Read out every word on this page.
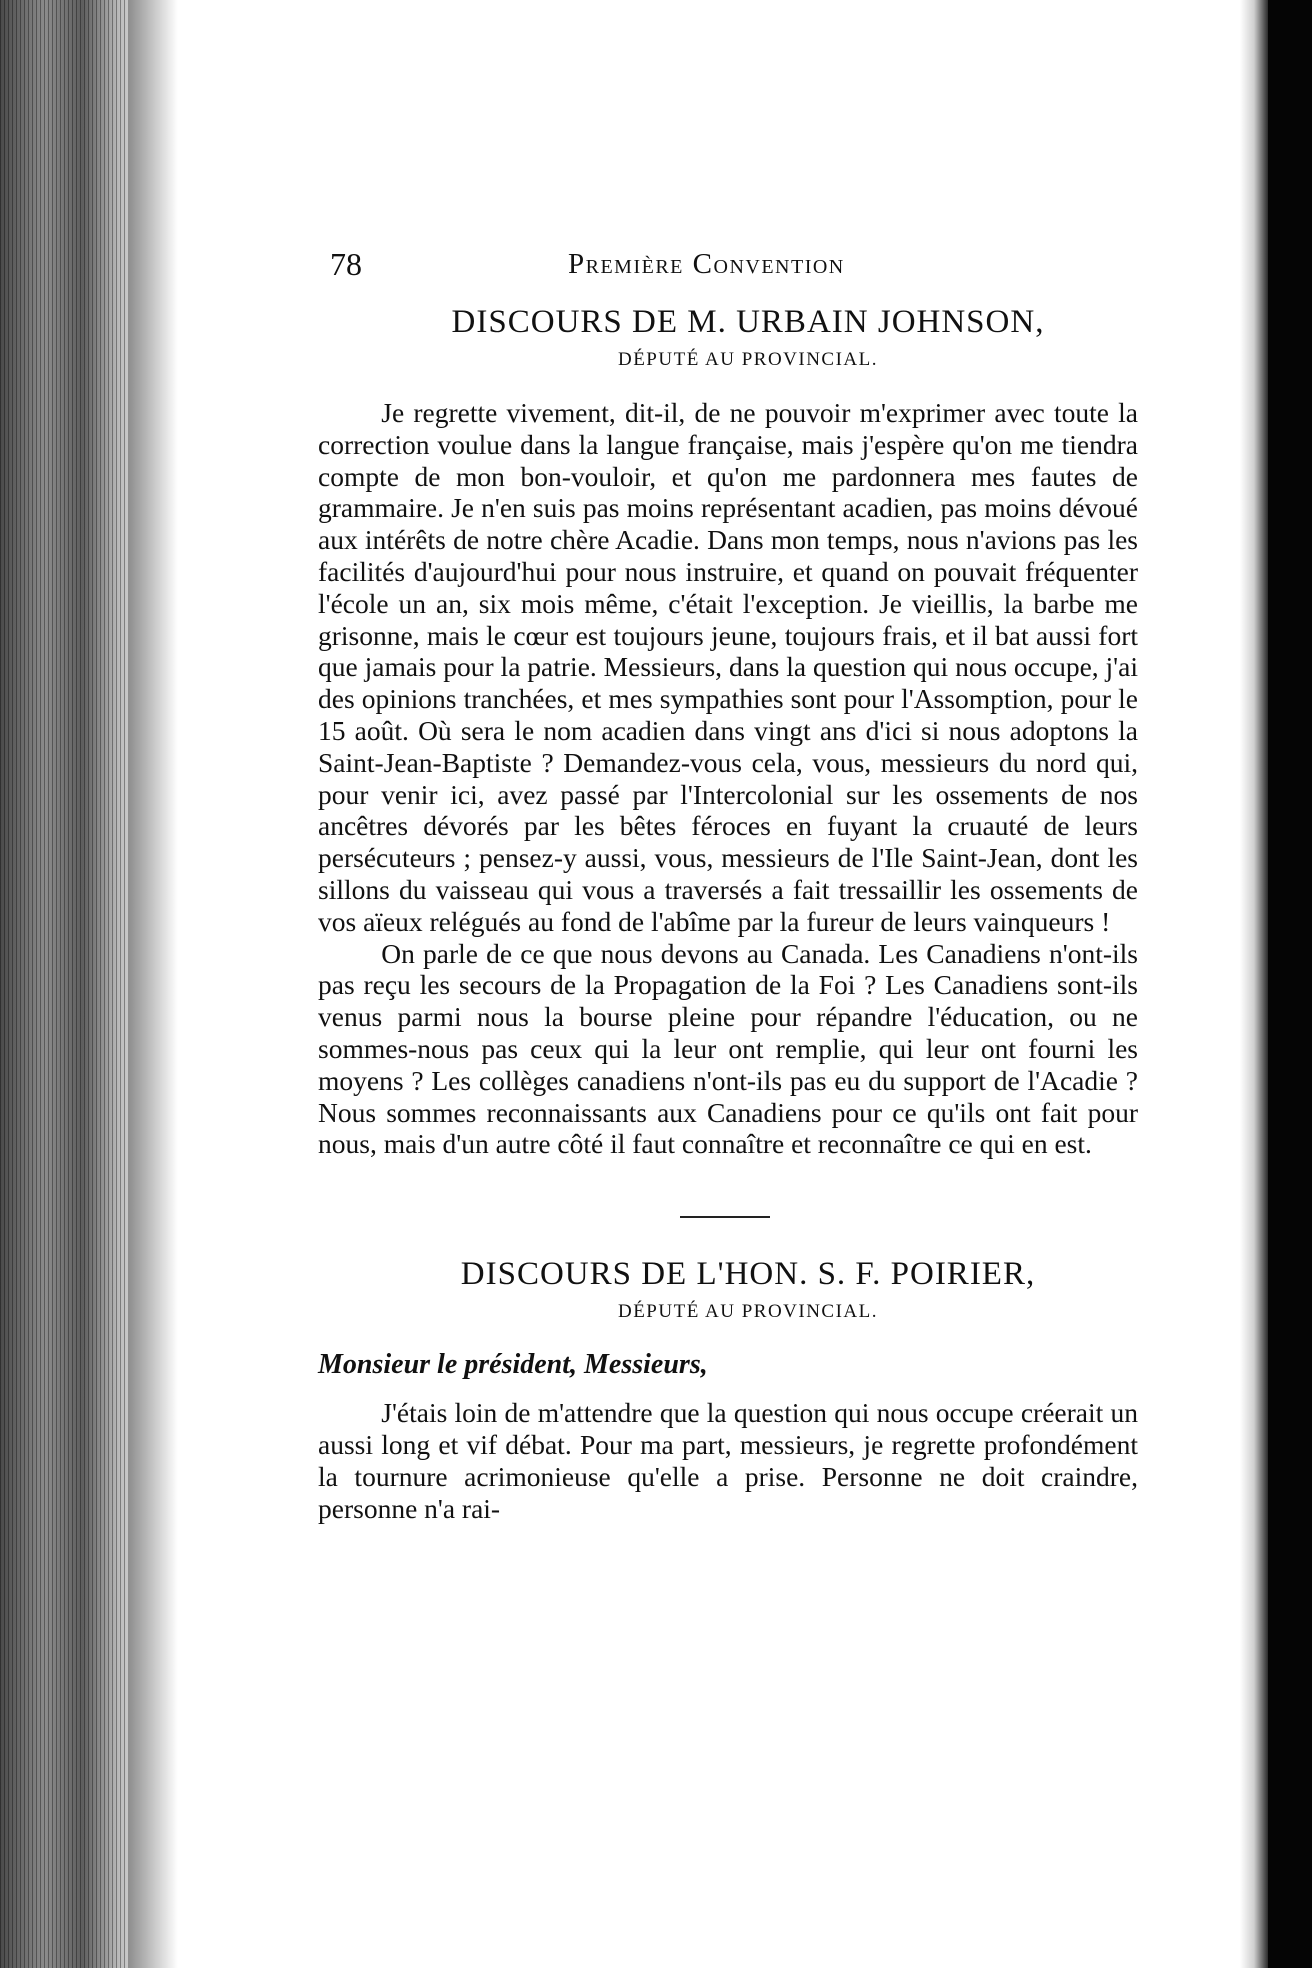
78	Première Convention
DISCOURS DE M. URBAIN JOHNSON,
DÉPUTÉ AU PROVINCIAL.

Je regrette vivement, dit-il, de ne pouvoir m'exprimer avec toute la correction voulue dans la langue française, mais j'espère qu'on me tiendra compte de mon bon-vouloir, et qu'on me pardonnera mes fautes de grammaire. Je n'en suis pas moins représentant acadien, pas moins dévoué aux intérêts de notre chère Acadie. Dans mon temps, nous n'avions pas les facilités d'aujourd'hui pour nous instruire, et quand on pouvait fréquenter l'école un an, six mois même, c'était l'exception. Je vieillis, la barbe me grisonne, mais le cœur est toujours jeune, toujours frais, et il bat aussi fort que jamais pour la patrie. Messieurs, dans la question qui nous occupe, j'ai des opinions tranchées, et mes sympathies sont pour l'Assomption, pour le 15 août. Où sera le nom acadien dans vingt ans d'ici si nous adoptons la Saint-Jean-Baptiste ? Demandez-vous cela, vous, messieurs du nord qui, pour venir ici, avez passé par l'Intercolonial sur les ossements de nos ancêtres dévorés par les bêtes féroces en fuyant la cruauté de leurs persécuteurs ; pensez-y aussi, vous, messieurs de l'Ile Saint-Jean, dont les sillons du vaisseau qui vous a traversés a fait tressaillir les ossements de vos aïeux relégués au fond de l'abîme par la fureur de leurs vainqueurs !

On parle de ce que nous devons au Canada. Les Canadiens n'ont-ils pas reçu les secours de la Propagation de la Foi ? Les Canadiens sont-ils venus parmi nous la bourse pleine pour répandre l'éducation, ou ne sommes-nous pas ceux qui la leur ont remplie, qui leur ont fourni les moyens ? Les collèges canadiens n'ont-ils pas eu du support de l'Acadie ? Nous sommes reconnaissants aux Canadiens pour ce qu'ils ont fait pour nous, mais d'un autre côté il faut connaître et reconnaître ce qui en est.

DISCOURS DE L'HON. S. F. POIRIER,
DÉPUTÉ AU PROVINCIAL.
Monsieur le président, Messieurs,

J'étais loin de m'attendre que la question qui nous occupe créerait un aussi long et vif débat. Pour ma part, messieurs, je regrette profondément la tournure acrimonieuse qu'elle a prise. Personne ne doit craindre, personne n'a rai-
